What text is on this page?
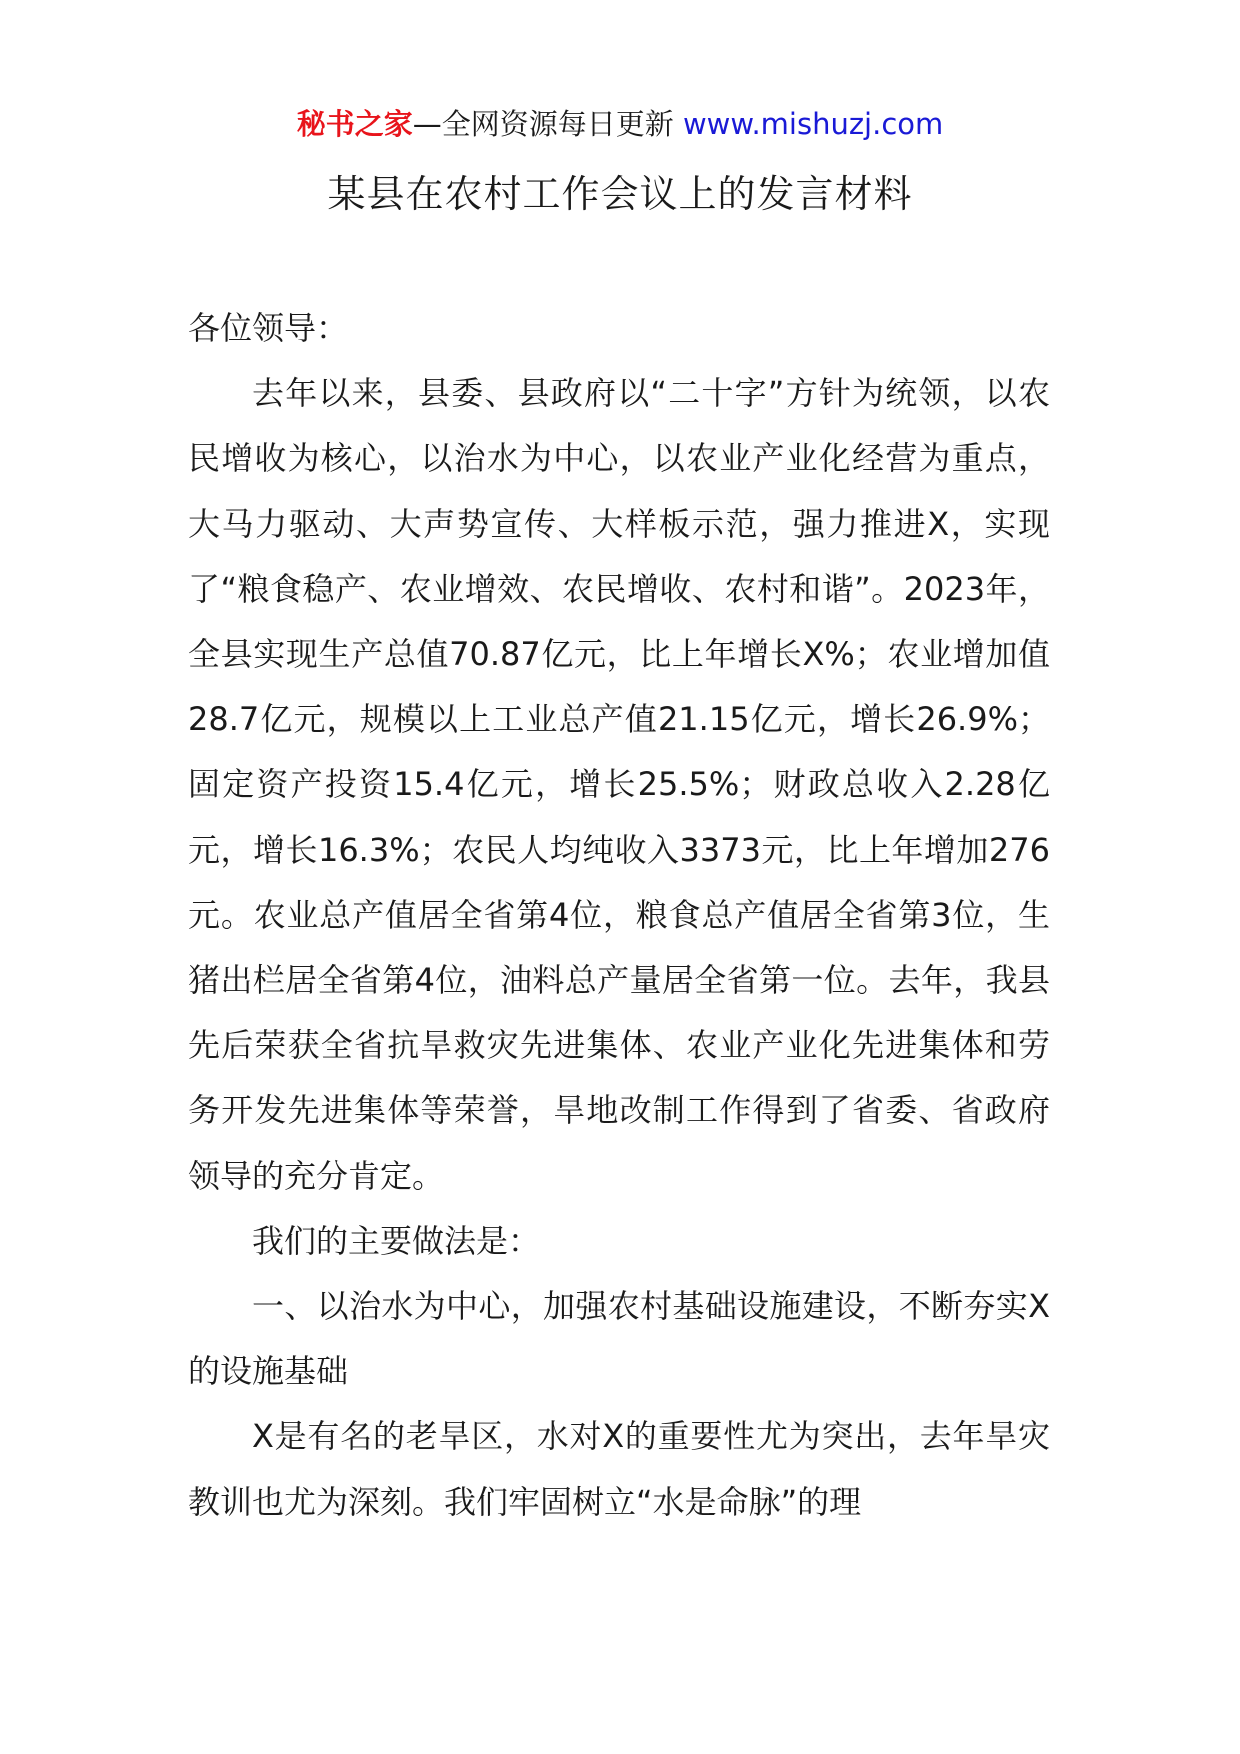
秘书之家—全网资源每日更新 www.mishuzj.com
某县在农村工作会议上的发言材料

各位领导：

去年以来，县委、县政府以“二十字”方针为统领，以农民增收为核心，以治水为中心，以农业产业化经营为重点，大马力驱动、大声势宣传、大样板示范，强力推进X，实现了“粮食稳产、农业增效、农民增收、农村和谐”。2023年，全县实现生产总值70.87亿元，比上年增长X%；农业增加值28.7亿元，规模以上工业总产值21.15亿元，增长26.9%；固定资产投资15.4亿元，增长25.5%；财政总收入2.28亿元，增长16.3%；农民人均纯收入3373元，比上年增加276元。农业总产值居全省第4位，粮食总产值居全省第3位，生猪出栏居全省第4位，油料总产量居全省第一位。去年，我县先后荣获全省抗旱救灾先进集体、农业产业化先进集体和劳务开发先进集体等荣誉，旱地改制工作得到了省委、省政府领导的充分肯定。

我们的主要做法是：

一、以治水为中心，加强农村基础设施建设，不断夯实X的设施基础

X是有名的老旱区，水对X的重要性尤为突出，去年旱灾教训也尤为深刻。我们牢固树立“水是命脉”的理
